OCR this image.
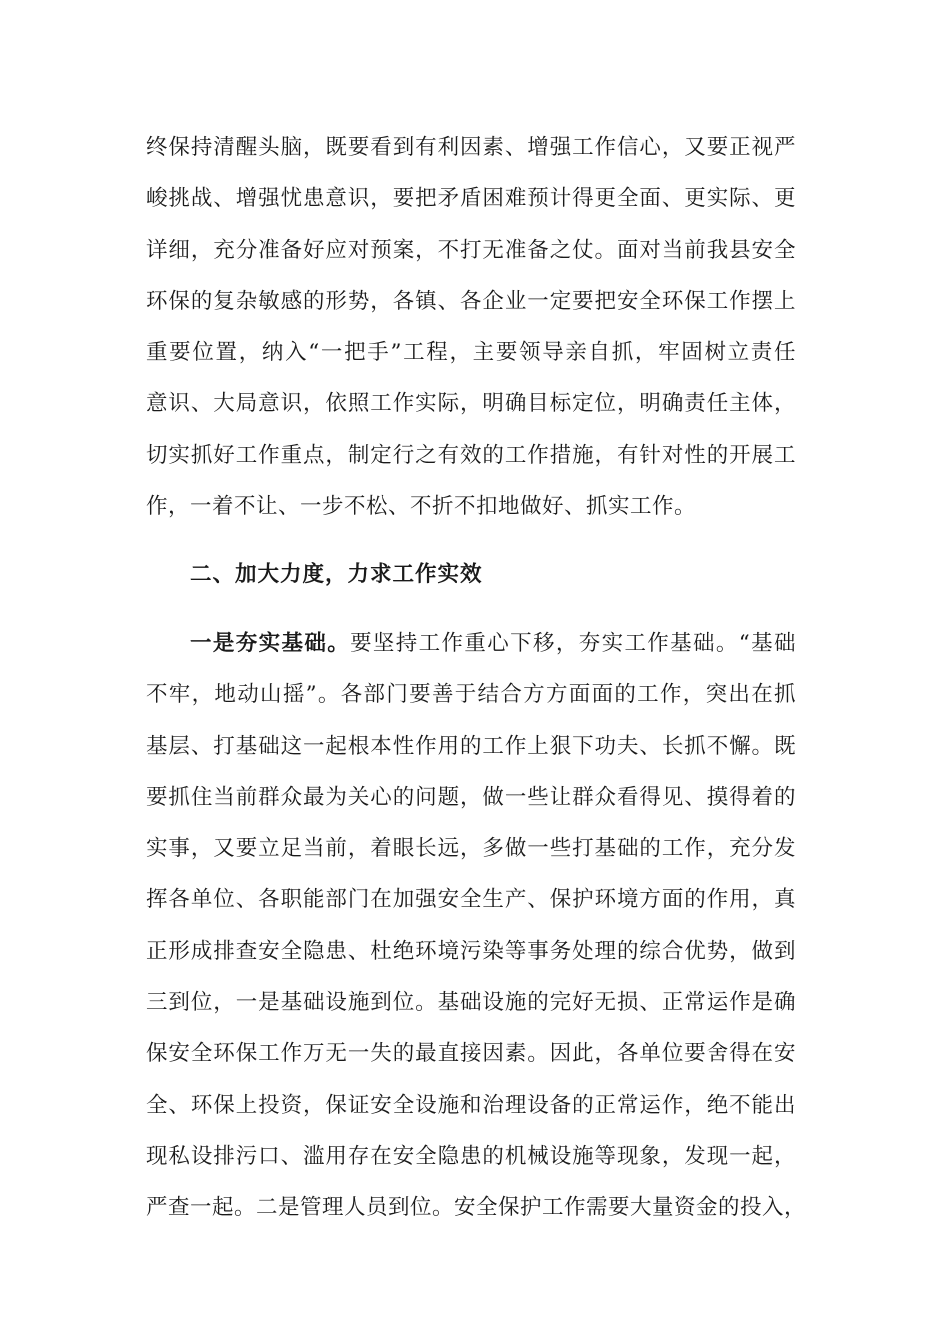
终保持清醒头脑，既要看到有利因素、增强工作信心，又要正视严
峻挑战、增强忧患意识，要把矛盾困难预计得更全面、更实际、更
详细，充分准备好应对预案，不打无准备之仗。面对当前我县安全
环保的复杂敏感的形势，各镇、各企业一定要把安全环保工作摆上
重要位置，纳入“一把手”工程，主要领导亲自抓，牢固树立责任
意识、大局意识，依照工作实际，明确目标定位，明确责任主体，
切实抓好工作重点，制定行之有效的工作措施，有针对性的开展工
作，一着不让、一步不松、不折不扣地做好、抓实工作。
二、加大力度，力求工作实效
一是夯实基础。要坚持工作重心下移，夯实工作基础。“基础
不牢，地动山摇”。各部门要善于结合方方面面的工作，突出在抓
基层、打基础这一起根本性作用的工作上狠下功夫、长抓不懈。既
要抓住当前群众最为关心的问题，做一些让群众看得见、摸得着的
实事，又要立足当前，着眼长远，多做一些打基础的工作，充分发
挥各单位、各职能部门在加强安全生产、保护环境方面的作用，真
正形成排查安全隐患、杜绝环境污染等事务处理的综合优势，做到
三到位，一是基础设施到位。基础设施的完好无损、正常运作是确
保安全环保工作万无一失的最直接因素。因此，各单位要舍得在安
全、环保上投资，保证安全设施和治理设备的正常运作，绝不能出
现私设排污口、滥用存在安全隐患的机械设施等现象，发现一起，
严查一起。二是管理人员到位。安全保护工作需要大量资金的投入，
